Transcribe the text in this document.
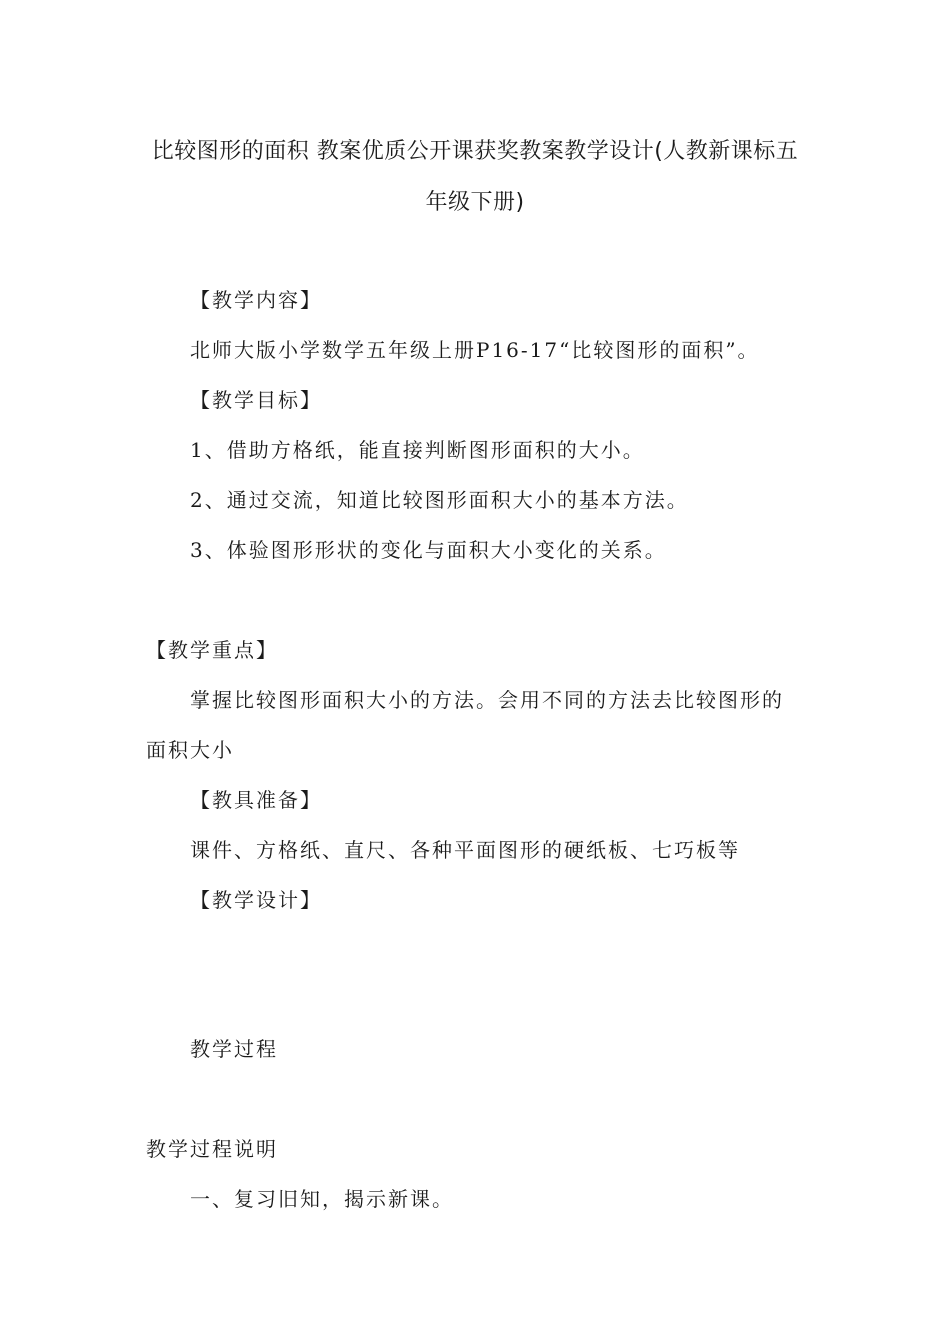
比较图形的面积 教案优质公开课获奖教案教学设计(人教新课标五
年级下册)
【教学内容】
北师大版小学数学五年级上册P16-17“比较图形的面积”。
【教学目标】
1、借助方格纸，能直接判断图形面积的大小。
2、通过交流，知道比较图形面积大小的基本方法。
3、体验图形形状的变化与面积大小变化的关系。
【教学重点】
掌握比较图形面积大小的方法。会用不同的方法去比较图形的
面积大小
【教具准备】
课件、方格纸、直尺、各种平面图形的硬纸板、七巧板等
【教学设计】
教学过程
教学过程说明
一、复习旧知，揭示新课。
